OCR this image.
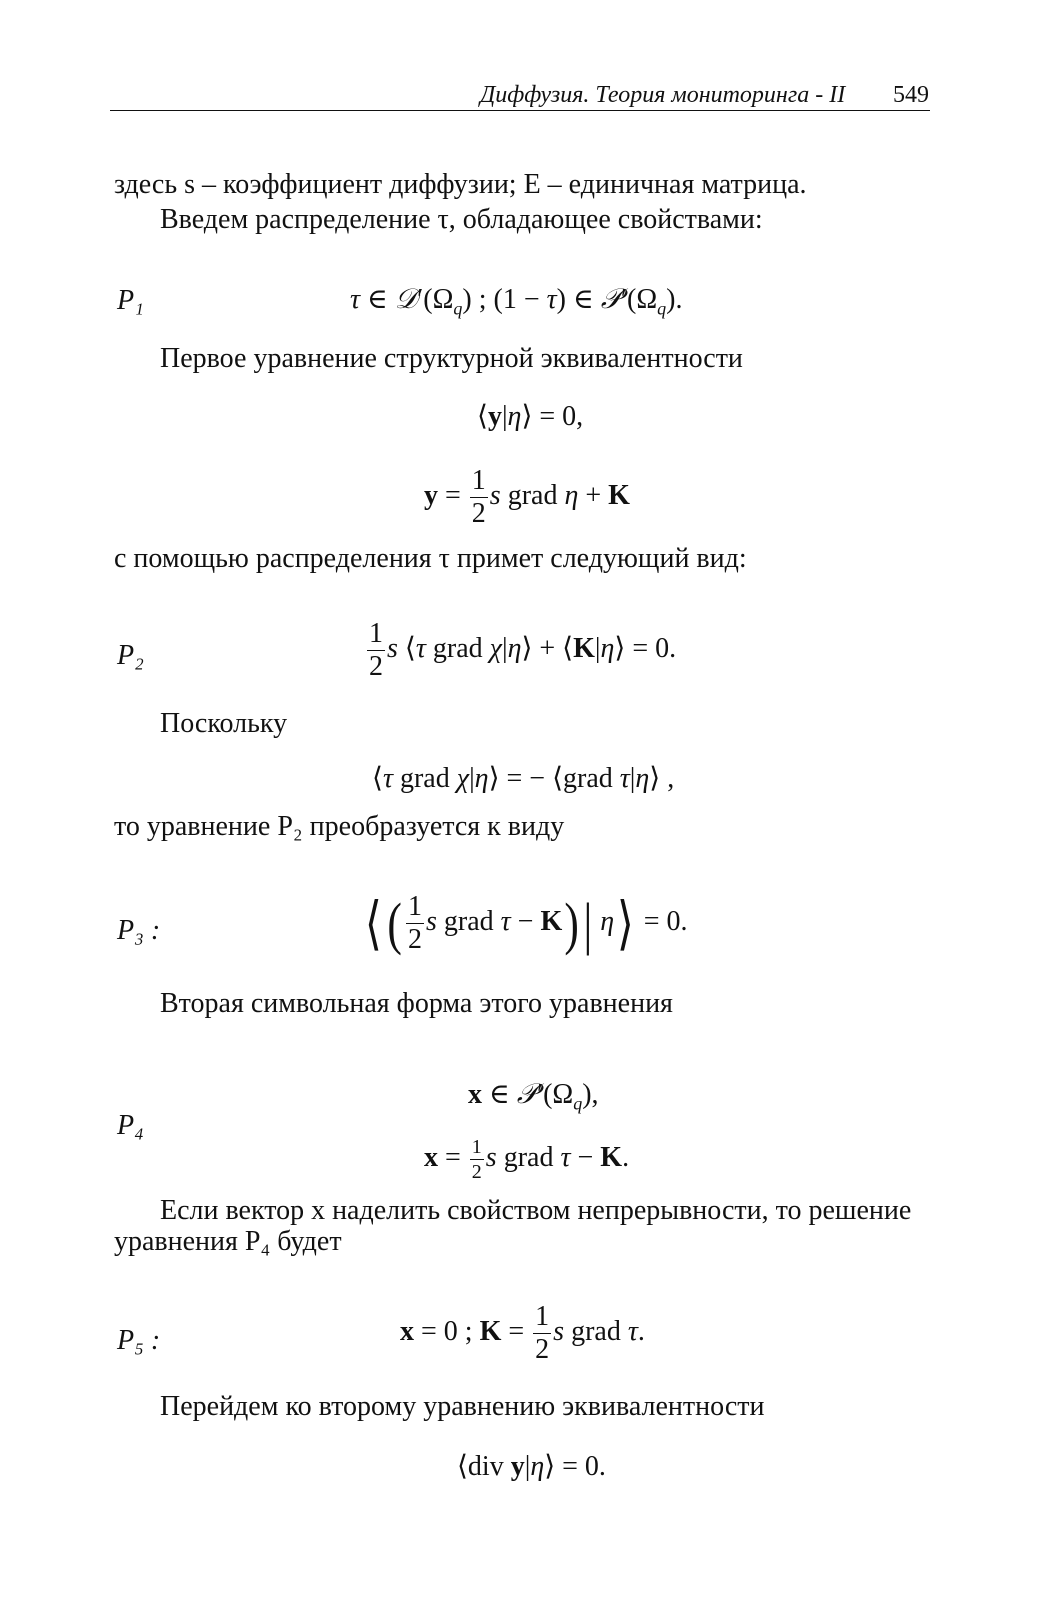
Диффузия. Теория мониторинга - II 549
здесь s – коэффициент диффузии; E – единичная матрица.
Введем распределение τ, обладающее свойствами:
P₁	τ ∈ $𝒟'(\Omega_q)$ ; (1 − τ) ∈ $𝒫'(\Omega_q)$.
Первое уравнение структурной эквивалентности
⟨y|η⟩ = 0,
$y = \frac{1}{2}$ s grad η + K
с помощью распределения τ примет следующий вид:
P₂	$\frac{1}{2}$ s ⟨τ grad χ|η⟩ + ⟨K|η⟩ = 0.
Поскольку
⟨τ grad χ|η⟩ = − ⟨grad τ|η⟩ ,
то уравнение P₂ преобразуется к виду
P₃ :	⟨( $\frac{1}{2}$ s grad τ − K)| η⟩ = 0.
Вторая символьная форма этого уравнения
P₄
x ∈ $𝒫'(\Omega_q)$,
$x = \frac{1}{2}$ s grad τ − K.
Если вектор x наделить свойством непрерывности, то решение
уравнения P₄ будет
P₅ :	x = 0 ; $K = \frac{1}{2}$ s grad τ.
Перейдем ко второму уравнению эквивалентности
⟨div y|η⟩ = 0.
